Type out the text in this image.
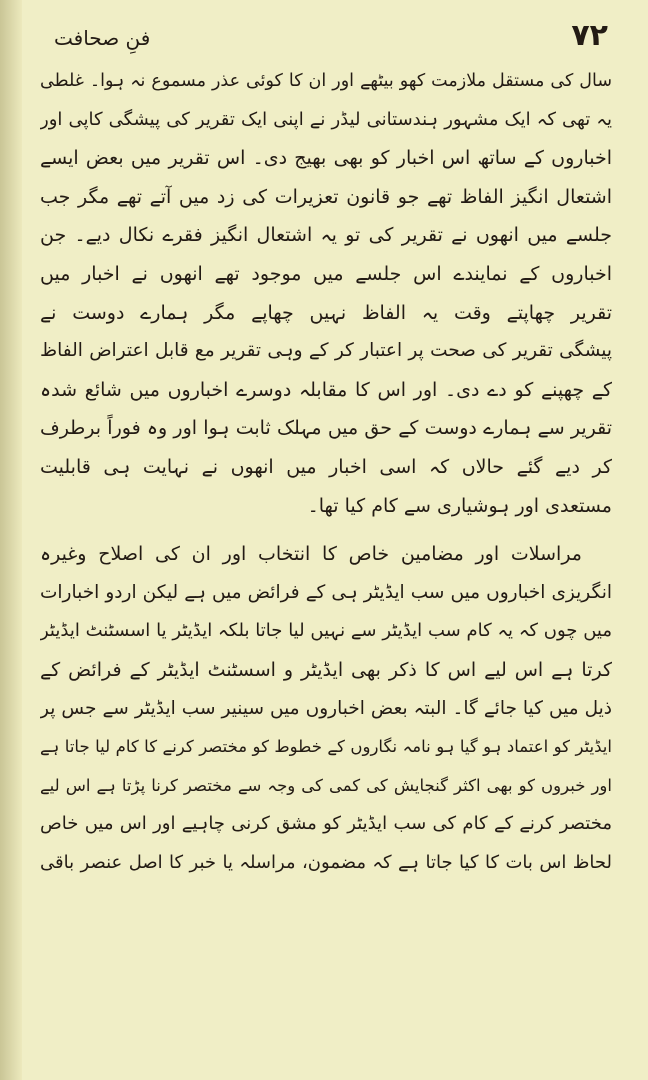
۷۲
فنِ صحافت
سال کی مستقل ملازمت کھو بیٹھے اور ان کا کوئی عذر مسموع نہ ہوا۔ غلطی
یہ تھی کہ ایک مشہور ہندستانی لیڈر نے اپنی ایک تقریر کی پیشگی کاپی اور
اخباروں کے ساتھ اس اخبار کو بھی بھیج دی۔ اس تقریر میں بعض ایسے
اشتعال انگیز الفاظ تھے جو قانون تعزیرات کی زد میں آتے تھے مگر جب
جلسے میں انھوں نے تقریر کی تو یہ اشتعال انگیز فقرے نکال دیے۔ جن
اخباروں کے نمایندے اس جلسے میں موجود تھے انھوں نے اخبار میں
تقریر چھاپتے وقت یہ الفاظ نہیں چھاپے مگر ہمارے دوست نے
پیشگی تقریر کی صحت پر اعتبار کر کے وہی تقریر مع قابل اعتراض الفاظ
کے چھپنے کو دے دی۔ اور اس کا مقابلہ دوسرے اخباروں میں شائع شدہ
تقریر سے ہمارے دوست کے حق میں مہلک ثابت ہوا اور وہ فوراً برطرف
کر دیے گئے حالاں کہ اسی اخبار میں انھوں نے نہایت ہی قابلیت
مستعدی اور ہوشیاری سے کام کیا تھا۔
مراسلات اور مضامین خاص کا انتخاب اور ان کی اصلاح وغیرہ
انگریزی اخباروں میں سب ایڈیٹر ہی کے فرائض میں ہے لیکن اردو اخبارات
میں چوں کہ یہ کام سب ایڈیٹر سے نہیں لیا جاتا بلکہ ایڈیٹر یا اسسٹنٹ ایڈیٹر
کرتا ہے اس لیے اس کا ذکر بھی ایڈیٹر و اسسٹنٹ ایڈیٹر کے فرائض کے
ذیل میں کیا جائے گا۔ البتہ بعض اخباروں میں سینیر سب ایڈیٹر سے جس پر
ایڈیٹر کو اعتماد ہو گیا ہو نامہ نگاروں کے خطوط کو مختصر کرنے کا کام لیا جاتا ہے
اور خبروں کو بھی اکثر گنجایش کی کمی کی وجہ سے مختصر کرنا پڑتا ہے اس لیے
مختصر کرنے کے کام کی سب ایڈیٹر کو مشق کرنی چاہیے اور اس میں خاص
لحاظ اس بات کا کیا جاتا ہے کہ مضمون، مراسلہ یا خبر کا اصل عنصر باقی
